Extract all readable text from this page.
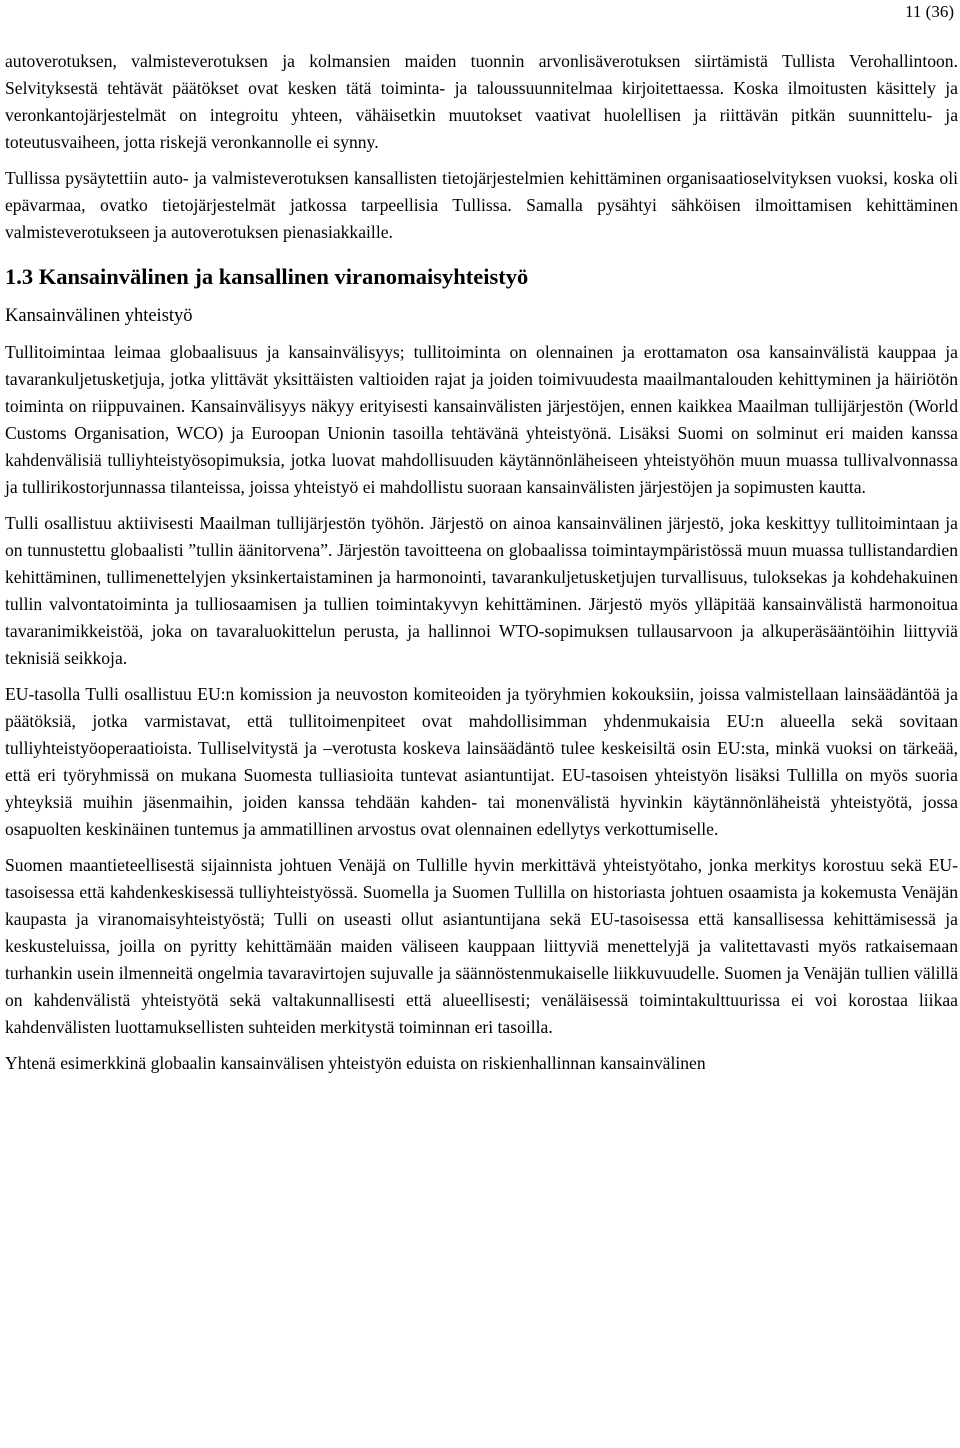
11 (36)

autoverotuksen, valmisteverotuksen ja kolmansien maiden tuonnin arvonlisäverotuksen siirtämistä Tullista Verohallintoon. Selvityksestä tehtävät päätökset ovat kesken tätä toiminta- ja taloussuunnitelmaa kirjoitettaessa. Koska ilmoitusten käsittely ja veronkantojärjestelmät on integroitu yhteen, vähäisetkin muutokset vaativat huolellisen ja riittävän pitkän suunnittelu- ja toteutusvaiheen, jotta riskejä veronkannolle ei synny.

Tullissa pysäytettiin auto- ja valmisteverotuksen kansallisten tietojärjestelmien kehittäminen organisaatioselvityksen vuoksi, koska oli epävarmaa, ovatko tietojärjestelmät jatkossa tarpeellisia Tullissa. Samalla pysähtyi sähköisen ilmoittamisen kehittäminen valmisteverotukseen ja autoverotuksen pienasiakkaille.

1.3 Kansainvälinen ja kansallinen viranomaisyhteistyö
Kansainvälinen yhteistyö

Tullitoimintaa leimaa globaalisuus ja kansainvälisyys; tullitoiminta on olennainen ja erottamaton osa kansainvälistä kauppaa ja tavarankuljetusketjuja, jotka ylittävät yksittäisten valtioiden rajat ja joiden toimivuudesta maailmantalouden kehittyminen ja häiriötön toiminta on riippuvainen. Kansainvälisyys näkyy erityisesti kansainvälisten järjestöjen, ennen kaikkea Maailman tullijärjestön (World Customs Organisation, WCO) ja Euroopan Unionin tasoilla tehtävänä yhteistyönä. Lisäksi Suomi on solminut eri maiden kanssa kahdenvälisiä tulliyhteistyösopimuksia, jotka luovat mahdollisuuden käytännönläheiseen yhteistyöhön muun muassa tullivalvonnassa ja tullirikostorjunnassa tilanteissa, joissa yhteistyö ei mahdollistu suoraan kansainvälisten järjestöjen ja sopimusten kautta.

Tulli osallistuu aktiivisesti Maailman tullijärjestön työhön. Järjestö on ainoa kansainvälinen järjestö, joka keskittyy tullitoimintaan ja on tunnustettu globaalisti ”tullin äänitorvena”. Järjestön tavoitteena on globaalissa toimintaympäristössä muun muassa tullistandardien kehittäminen, tullimenettelyjen yksinkertaistaminen ja harmonointi, tavarankuljetusketjujen turvallisuus, tuloksekas ja kohdehakuinen tullin valvontatoiminta ja tulliosaamisen ja tullien toimintakyvyn kehittäminen. Järjestö myös ylläpitää kansainvälistä harmonoitua tavaranimikkeistöä, joka on tavaraluokittelun perusta, ja hallinnoi WTO-sopimuksen tullausarvoon ja alkuperäsääntöihin liittyviä teknisiä seikkoja.

EU-tasolla Tulli osallistuu EU:n komission ja neuvoston komiteoiden ja työryhmien kokouksiin, joissa valmistellaan lainsäädäntöä ja päätöksiä, jotka varmistavat, että tullitoimenpiteet ovat mahdollisimman yhdenmukaisia EU:n alueella sekä sovitaan tulliyhteistyöoperaatioista. Tulliselvitystä ja –verotusta koskeva lainsäädäntö tulee keskeisiltä osin EU:sta, minkä vuoksi on tärkeää, että eri työryhmissä on mukana Suomesta tulliasioita tuntevat asiantuntijat. EU-tasoisen yhteistyön lisäksi Tullilla on myös suoria yhteyksiä muihin jäsenmaihin, joiden kanssa tehdään kahden- tai monenvälistä hyvinkin käytännönläheistä yhteistyötä, jossa osapuolten keskinäinen tuntemus ja ammatillinen arvostus ovat olennainen edellytys verkottumiselle.

Suomen maantieteellisestä sijainnista johtuen Venäjä on Tullille hyvin merkittävä yhteistyötaho, jonka merkitys korostuu sekä EU-tasoisessa että kahdenkeskisessä tulliyhteistyössä. Suomella ja Suomen Tullilla on historiasta johtuen osaamista ja kokemusta Venäjän kaupasta ja viranomaisyhteistyöstä; Tulli on useasti ollut asiantuntijana sekä EU-tasoisessa että kansallisessa kehittämisessä ja keskusteluissa, joilla on pyritty kehittämään maiden väliseen kauppaan liittyviä menettelyjä ja valitettavasti myös ratkaisemaan turhankin usein ilmenneitä ongelmia tavaravirtojen sujuvalle ja säännöstenmukaiselle liikkuvuudelle. Suomen ja Venäjän tullien välillä on kahdenvälistä yhteistyötä sekä valtakunnallisesti että alueellisesti; venäläisessä toimintakulttuurissa ei voi korostaa liikaa kahdenvälisten luottamuksellisten suhteiden merkitystä toiminnan eri tasoilla.

Yhtenä esimerkkinä globaalin kansainvälisen yhteistyön eduista on riskienhallinnan kansainvälinen
